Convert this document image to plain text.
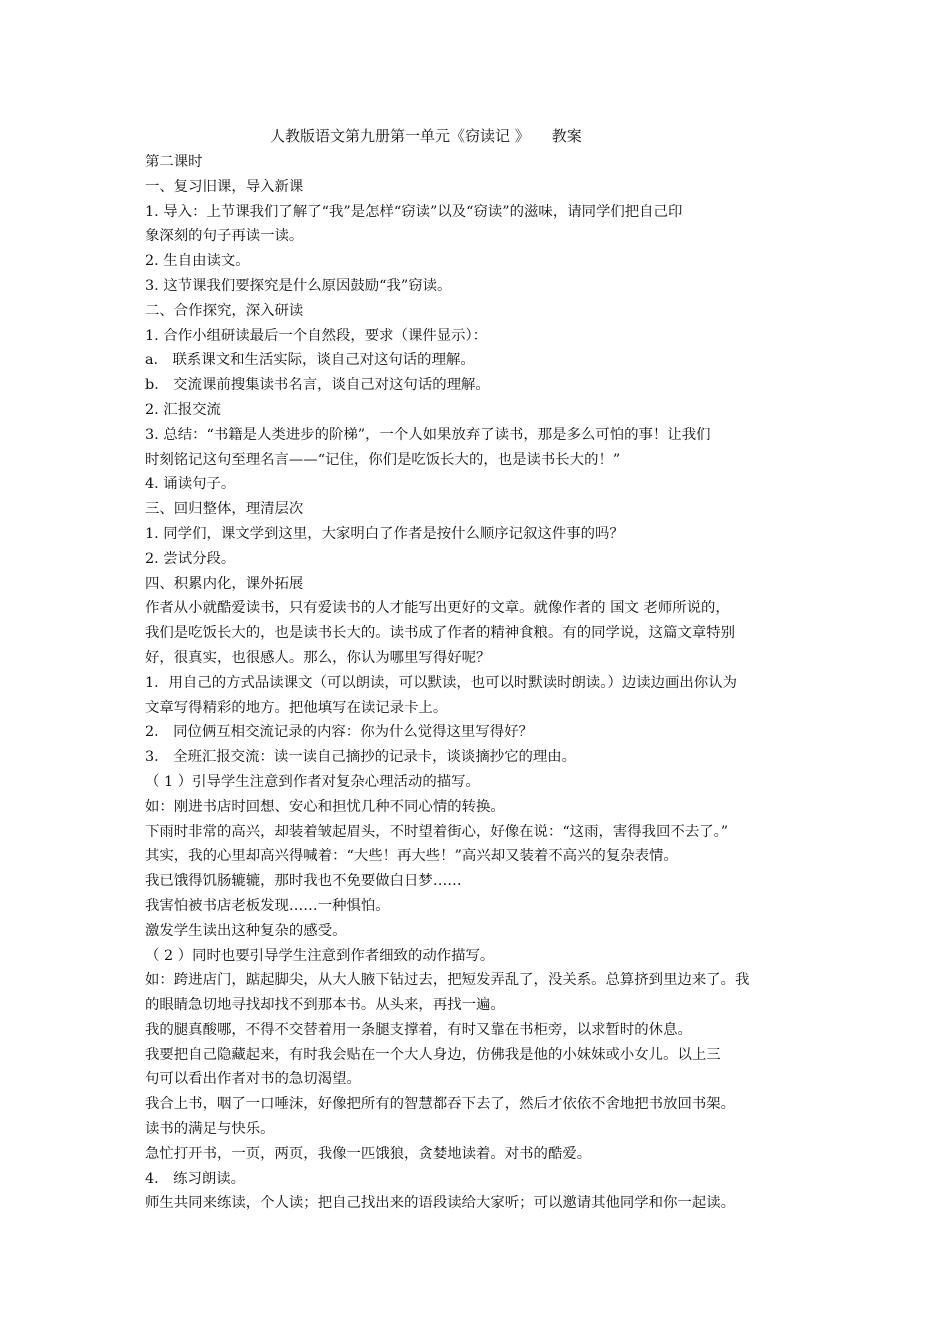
人教版语文第九册第一单元《窃读记 》 教案
第二课时
一、复习旧课，导入新课
1. 导入：上节课我们了解了“我”是怎样“窃读”以及“窃读”的滋味，请同学们把自己印
象深刻的句子再读一读。
2. 生自由读文。
3. 这节课我们要探究是什么原因鼓励“我”窃读。
二、合作探究，深入研读
1. 合作小组研读最后一个自然段，要求（课件显示）：
a． 联系课文和生活实际，谈自己对这句话的理解。
b． 交流课前搜集读书名言，谈自己对这句话的理解。
2. 汇报交流
3. 总结：“书籍是人类进步的阶梯”，一个人如果放弃了读书，那是多么可怕的事！让我们
时刻铭记这句至理名言——“记住，你们是吃饭长大的，也是读书长大的！”
4. 诵读句子。
三、回归整体，理清层次
1. 同学们，课文学到这里，大家明白了作者是按什么顺序记叙这件事的吗？
2. 尝试分段。
四、积累内化，课外拓展
作者从小就酷爱读书，只有爱读书的人才能写出更好的文章。就像作者的 国文 老师所说的，
我们是吃饭长大的，也是读书长大的。读书成了作者的精神食粮。有的同学说，这篇文章特别
好，很真实，也很感人。那么，你认为哪里写得好呢？
1．用自己的方式品读课文（可以朗读，可以默读，也可以时默读时朗读。）边读边画出你认为
文章写得精彩的地方。把他填写在读记录卡上。
2． 同位俩互相交流记录的内容：你为什么觉得这里写得好？
3． 全班汇报交流：读一读自己摘抄的记录卡，谈谈摘抄它的理由。
（ 1 ）引导学生注意到作者对复杂心理活动的描写。
如：刚进书店时回想、安心和担忧几种不同心情的转换。
下雨时非常的高兴，却装着皱起眉头，不时望着街心，好像在说：“这雨，害得我回不去了。”
其实，我的心里却高兴得喊着：“大些！再大些！”高兴却又装着不高兴的复杂表情。
我已饿得饥肠辘辘，那时我也不免要做白日梦……
我害怕被书店老板发现……一种惧怕。
激发学生读出这种复杂的感受。
（ 2 ）同时也要引导学生注意到作者细致的动作描写。
如：跨进店门，踮起脚尖，从大人腋下钻过去，把短发弄乱了，没关系。总算挤到里边来了。我
的眼睛急切地寻找却找不到那本书。从头来，再找一遍。
我的腿真酸哪，不得不交替着用一条腿支撑着，有时又靠在书柜旁，以求暂时的休息。
我要把自己隐藏起来，有时我会贴在一个大人身边，仿佛我是他的小妹妹或小女儿。以上三
句可以看出作者对书的急切渴望。
我合上书，咽了一口唾沫，好像把所有的智慧都吞下去了，然后才依依不舍地把书放回书架。
读书的满足与快乐。
急忙打开书，一页，两页，我像一匹饿狼，贪婪地读着。对书的酷爱。
4． 练习朗读。
师生共同来练读，个人读；把自己找出来的语段读给大家听；可以邀请其他同学和你一起读。
